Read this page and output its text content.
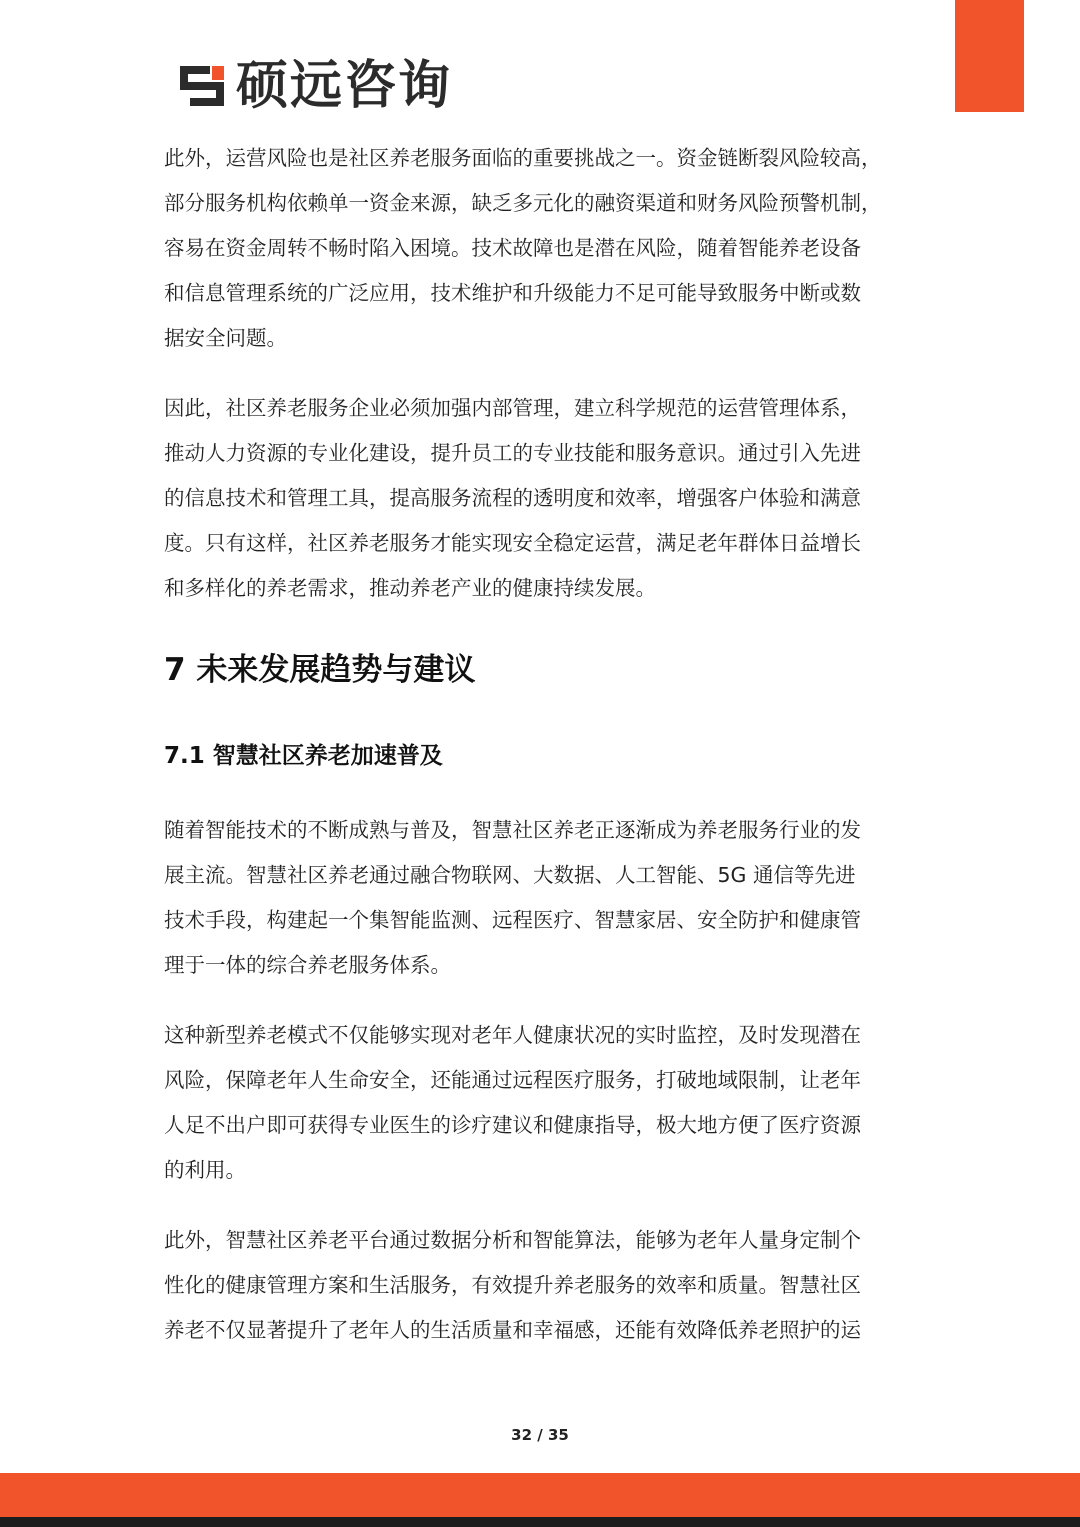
硕远咨询
此外，运营风险也是社区养老服务面临的重要挑战之一。资金链断裂风险较高，
部分服务机构依赖单一资金来源，缺乏多元化的融资渠道和财务风险预警机制，
容易在资金周转不畅时陷入困境。技术故障也是潜在风险，随着智能养老设备
和信息管理系统的广泛应用，技术维护和升级能力不足可能导致服务中断或数
据安全问题。
因此，社区养老服务企业必须加强内部管理，建立科学规范的运营管理体系，
推动人力资源的专业化建设，提升员工的专业技能和服务意识。通过引入先进
的信息技术和管理工具，提高服务流程的透明度和效率，增强客户体验和满意
度。只有这样，社区养老服务才能实现安全稳定运营，满足老年群体日益增长
和多样化的养老需求，推动养老产业的健康持续发展。
7 未来发展趋势与建议
7.1 智慧社区养老加速普及
随着智能技术的不断成熟与普及，智慧社区养老正逐渐成为养老服务行业的发
展主流。智慧社区养老通过融合物联网、大数据、人工智能、5G 通信等先进
技术手段，构建起一个集智能监测、远程医疗、智慧家居、安全防护和健康管
理于一体的综合养老服务体系。
这种新型养老模式不仅能够实现对老年人健康状况的实时监控，及时发现潜在
风险，保障老年人生命安全，还能通过远程医疗服务，打破地域限制，让老年
人足不出户即可获得专业医生的诊疗建议和健康指导，极大地方便了医疗资源
的利用。
此外，智慧社区养老平台通过数据分析和智能算法，能够为老年人量身定制个
性化的健康管理方案和生活服务，有效提升养老服务的效率和质量。智慧社区
养老不仅显著提升了老年人的生活质量和幸福感，还能有效降低养老照护的运
32 / 35
